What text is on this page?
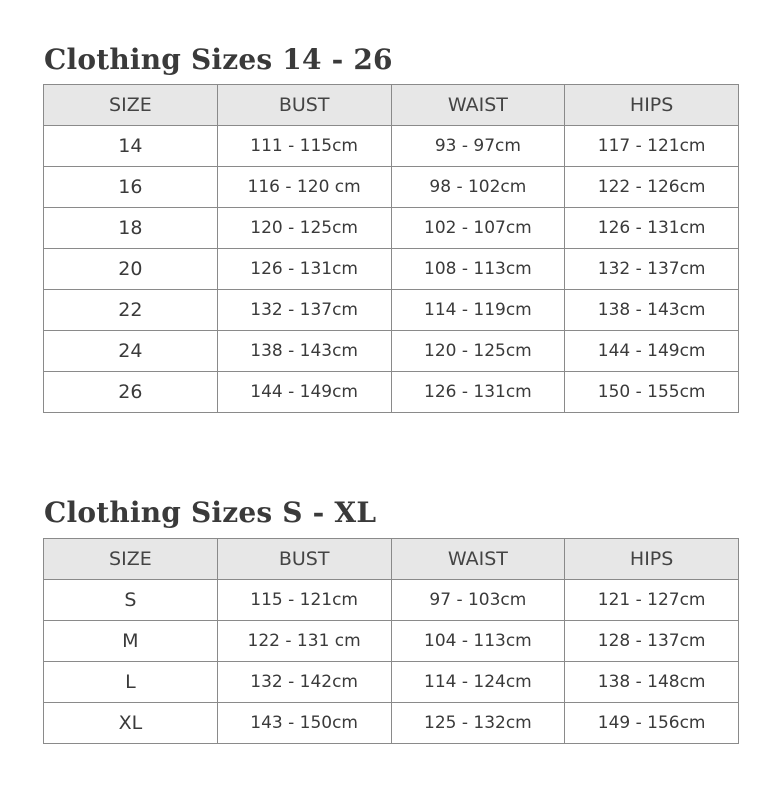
Clothing Sizes 14 - 26
SIZE	BUST	WAIST	HIPS
14	111 - 115cm	93 - 97cm	117 - 121cm
16	116 - 120 cm	98 - 102cm	122 - 126cm
18	120 - 125cm	102 - 107cm	126 - 131cm
20	126 - 131cm	108 - 113cm	132 - 137cm
22	132 - 137cm	114 - 119cm	138 - 143cm
24	138 - 143cm	120 - 125cm	144 - 149cm
26	144 - 149cm	126 - 131cm	150 - 155cm
Clothing Sizes S - XL
SIZE	BUST	WAIST	HIPS
S	115 - 121cm	97 - 103cm	121 - 127cm
M	122 - 131 cm	104 - 113cm	128 - 137cm
L	132 - 142cm	114 - 124cm	138 - 148cm
XL	143 - 150cm	125 - 132cm	149 - 156cm
